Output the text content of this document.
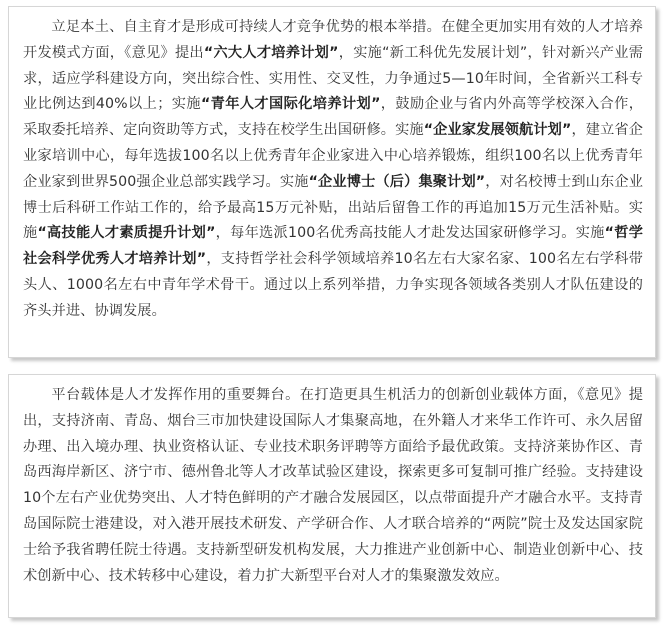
立足本土、自主育才是形成可持续人才竞争优势的根本举措。在健全更加实用有效的人才培养开发模式方面，《意见》提出“六大人才培养计划”，实施“新工科优先发展计划”，针对新兴产业需求，适应学科建设方向，突出综合性、实用性、交叉性，力争通过5—10年时间，全省新兴工科专业比例达到40%以上；实施“青年人才国际化培养计划”，鼓励企业与省内外高等学校深入合作，采取委托培养、定向资助等方式，支持在校学生出国研修。实施“企业家发展领航计划”，建立省企业家培训中心，每年选拔100名以上优秀青年企业家进入中心培养锻炼，组织100名以上优秀青年企业家到世界500强企业总部实践学习。实施“企业博士（后）集聚计划”，对名校博士到山东企业博士后科研工作站工作的，给予最高15万元补贴，出站后留鲁工作的再追加15万元生活补贴。实施“高技能人才素质提升计划”，每年选派100名优秀高技能人才赴发达国家研修学习。实施“哲学社会科学优秀人才培养计划”，支持哲学社会科学领域培养10名左右大家名家、100名左右学科带头人、1000名左右中青年学术骨干。通过以上系列举措，力争实现各领域各类别人才队伍建设的齐头并进、协调发展。

平台载体是人才发挥作用的重要舞台。在打造更具生机活力的创新创业载体方面，《意见》提出，支持济南、青岛、烟台三市加快建设国际人才集聚高地，在外籍人才来华工作许可、永久居留办理、出入境办理、执业资格认证、专业技术职务评聘等方面给予最优政策。支持济莱协作区、青岛西海岸新区、济宁市、德州鲁北等人才改革试验区建设，探索更多可复制可推广经验。支持建设10个左右产业优势突出、人才特色鲜明的产才融合发展园区，以点带面提升产才融合水平。支持青岛国际院士港建设，对入港开展技术研发、产学研合作、人才联合培养的“两院”院士及发达国家院士给予我省聘任院士待遇。支持新型研发机构发展，大力推进产业创新中心、制造业创新中心、技术创新中心、技术转移中心建设，着力扩大新型平台对人才的集聚激发效应。
